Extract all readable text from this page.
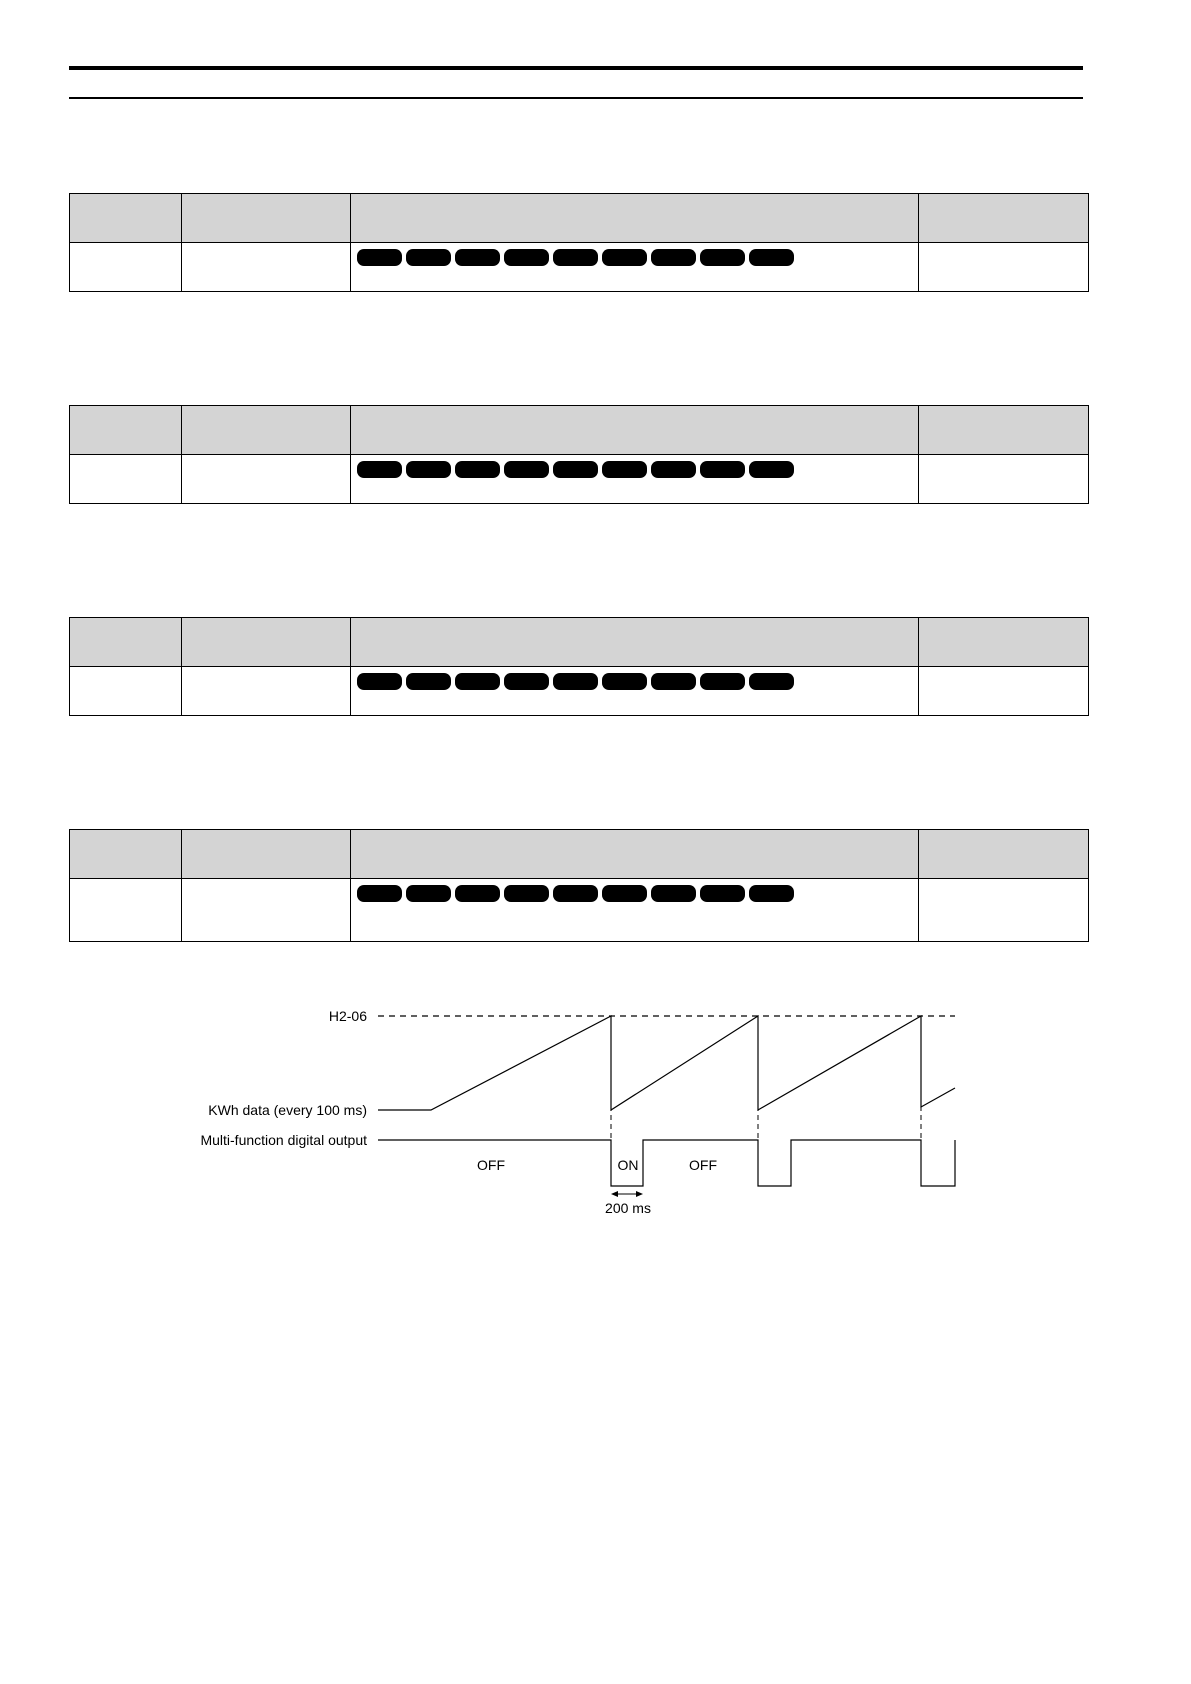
H2-06
KWh data (every 100 ms)
Multi-function digital output
OFF	ON	OFF
200 ms
